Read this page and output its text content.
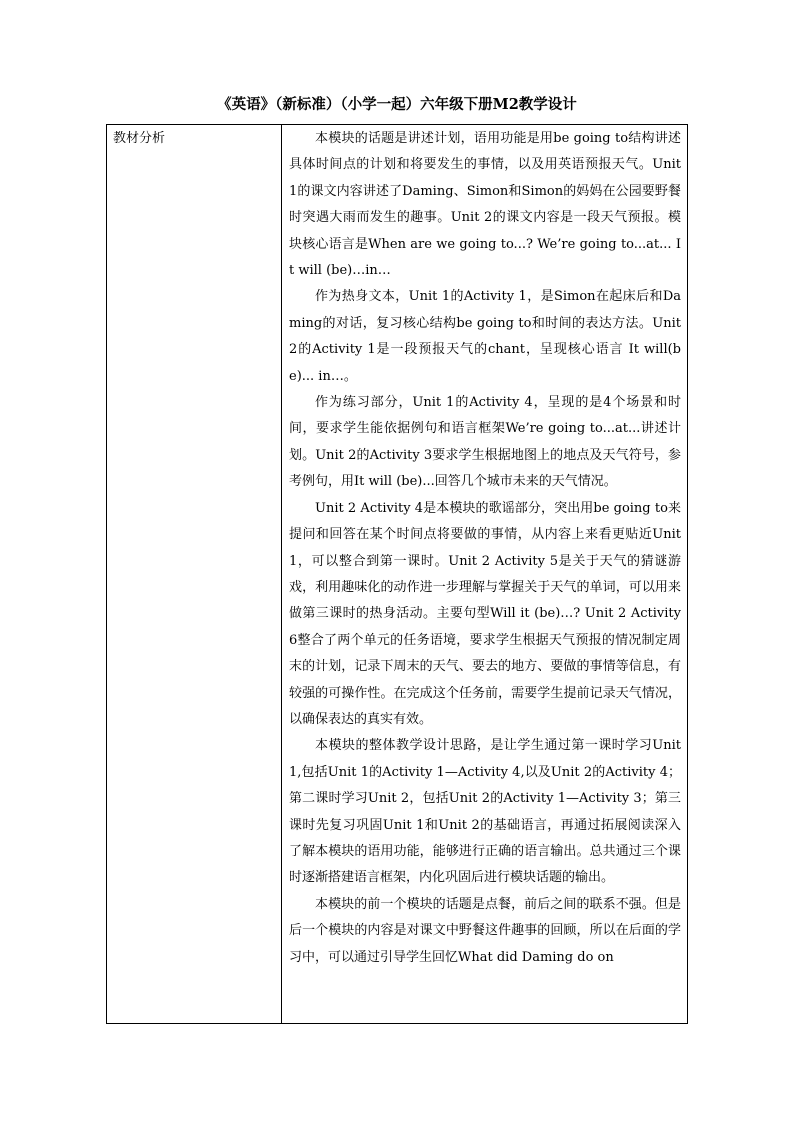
《英语》（新标准）（小学一起）六年级下册M2教学设计
教材分析	本模块的话题是讲述计划，语用功能是用be going to结构讲述具体时间点的计划和将要发生的事情，以及用英语预报天气。Unit 1的课文内容讲述了Daming、Simon和Simon的妈妈在公园要野餐时突遇大雨而发生的趣事。Unit 2的课文内容是一段天气预报。模块核心语言是When are we going to...? We’re going to...at... It will (be)…in…

作为热身文本，Unit 1的Activity 1，是Simon在起床后和Daming的对话，复习核心结构be going to和时间的表达方法。Unit 2的Activity 1是一段预报天气的chant，呈现核心语言 It will(be)... in…。

作为练习部分，Unit 1的Activity 4，呈现的是4个场景和时间，要求学生能依据例句和语言框架We’re going to...at...讲述计划。Unit 2的Activity 3要求学生根据地图上的地点及天气符号，参考例句，用It will (be)...回答几个城市未来的天气情况。

Unit 2 Activity 4是本模块的歌谣部分，突出用be going to来提问和回答在某个时间点将要做的事情，从内容上来看更贴近Unit 1，可以整合到第一课时。Unit 2 Activity 5是关于天气的猜谜游戏，利用趣味化的动作进一步理解与掌握关于天气的单词，可以用来做第三课时的热身活动。主要句型Will it (be)…? Unit 2 Activity 6整合了两个单元的任务语境，要求学生根据天气预报的情况制定周末的计划，记录下周末的天气、要去的地方、要做的事情等信息，有较强的可操作性。在完成这个任务前，需要学生提前记录天气情况，以确保表达的真实有效。

本模块的整体教学设计思路，是让学生通过第一课时学习Unit 1,包括Unit 1的Activity 1—Activity 4,以及Unit 2的Activity 4；第二课时学习Unit 2，包括Unit 2的Activity 1—Activity 3；第三课时先复习巩固Unit 1和Unit 2的基础语言，再通过拓展阅读深入了解本模块的语用功能，能够进行正确的语言输出。总共通过三个课时逐渐搭建语言框架，内化巩固后进行模块话题的输出。

本模块的前一个模块的话题是点餐，前后之间的联系不强。但是后一个模块的内容是对课文中野餐这件趣事的回顾，所以在后面的学习中，可以通过引导学生回忆What did Daming do on
